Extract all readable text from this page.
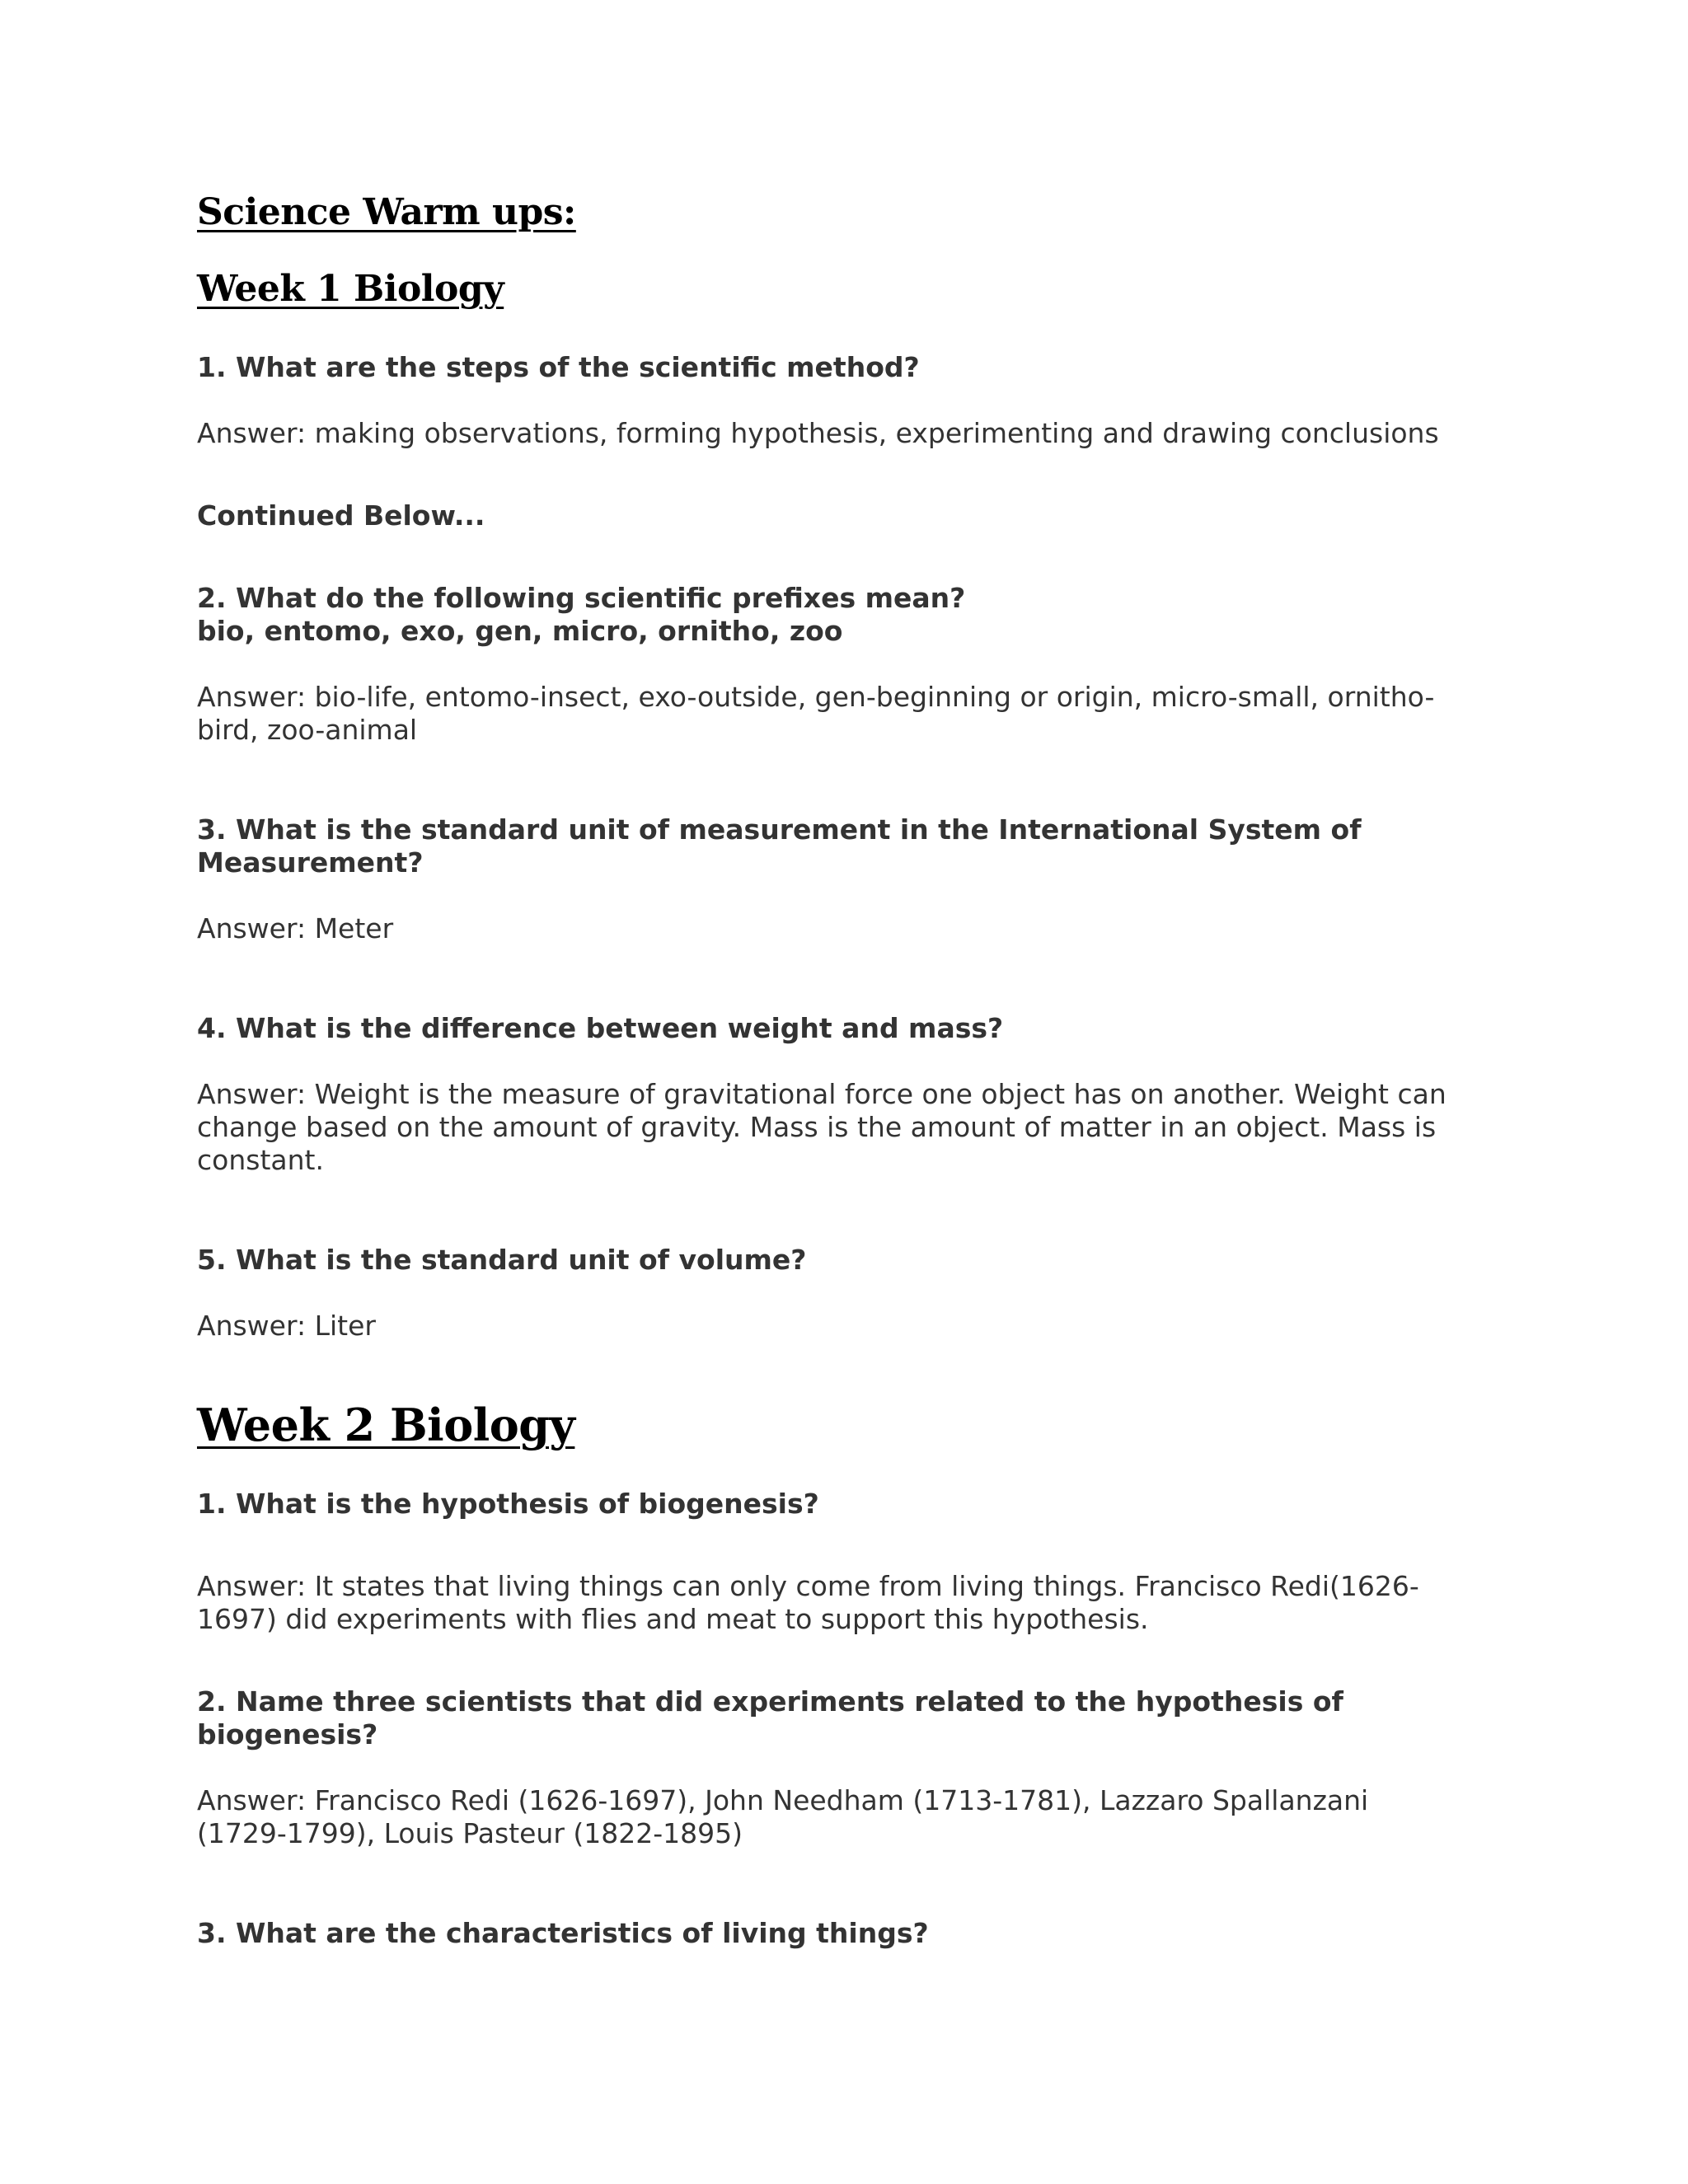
Science Warm ups:
Week 1 Biology

1. What are the steps of the scientific method?

Answer: making observations, forming hypothesis, experimenting and drawing conclusions

Continued Below...

2. What do the following scientific prefixes mean?
bio, entomo, exo, gen, micro, ornitho, zoo

Answer: bio-life, entomo-insect, exo-outside, gen-beginning or origin, micro-small, ornitho-
bird, zoo-animal

3. What is the standard unit of measurement in the International System of
Measurement?

Answer: Meter

4. What is the difference between weight and mass?

Answer: Weight is the measure of gravitational force one object has on another. Weight can
change based on the amount of gravity. Mass is the amount of matter in an object. Mass is
constant.

5. What is the standard unit of volume?

Answer: Liter

Week 2 Biology

1. What is the hypothesis of biogenesis?

Answer: It states that living things can only come from living things. Francisco Redi(1626-
1697) did experiments with flies and meat to support this hypothesis.

2. Name three scientists that did experiments related to the hypothesis of
biogenesis?

Answer: Francisco Redi (1626-1697), John Needham (1713-1781), Lazzaro Spallanzani
(1729-1799), Louis Pasteur (1822-1895)

3. What are the characteristics of living things?
